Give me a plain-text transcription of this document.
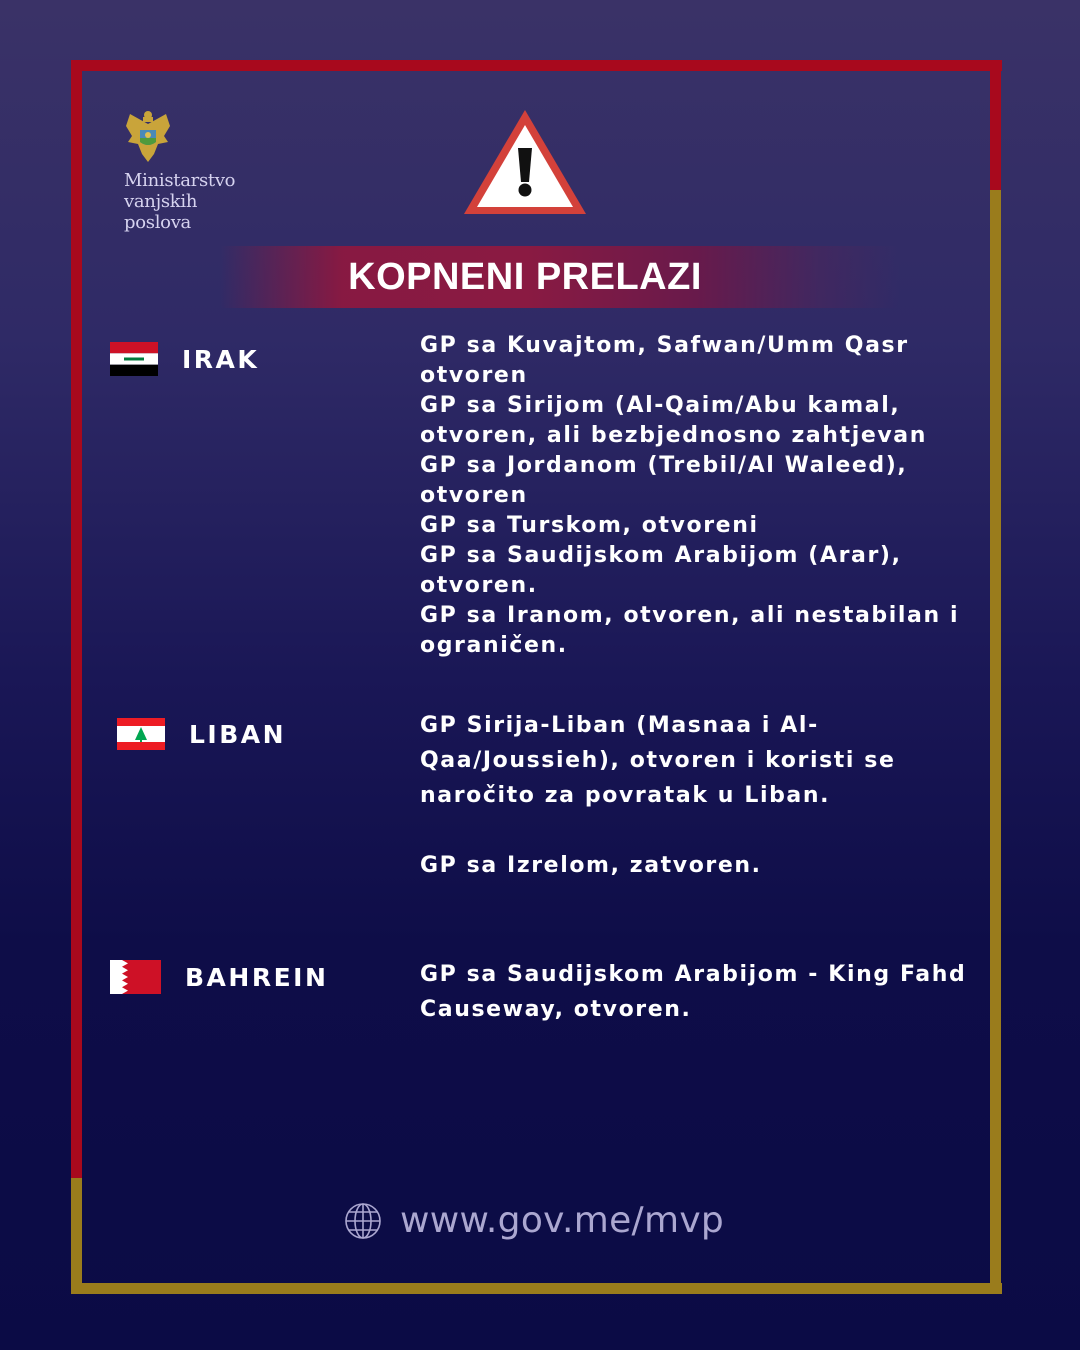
Ministarstvo
vanjskih
poslova
KOPNENI PRELAZI
IRAK	GP sa Kuvajtom, Safwan/Umm Qasr
otvoren
GP sa Sirijom (Al-Qaim/Abu kamal,
otvoren, ali bezbjednosno zahtjevan
GP sa Jordanom (Trebil/Al Waleed),
otvoren
GP sa Turskom, otvoreni
GP sa Saudijskom Arabijom (Arar),
otvoren.
GP sa Iranom, otvoren, ali nestabilan i
ograničen.
LIBAN	GP Sirija-Liban (Masnaa i Al-
Qaa/Joussieh), otvoren i koristi se
naročito za povratak u Liban.
GP sa Izrelom, zatvoren.
BAHREIN	GP sa Saudijskom Arabijom - King Fahd
Causeway, otvoren.
www.gov.me/mvp
